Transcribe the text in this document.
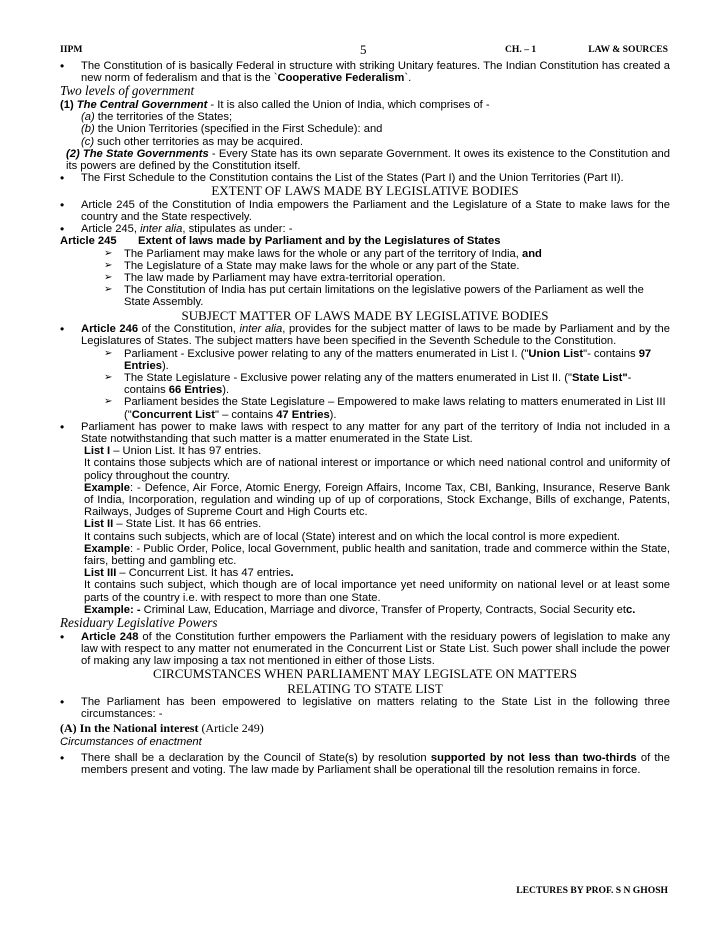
IIPM	5	CH. – 1	LAW & SOURCES

• The Constitution of is basically Federal in structure with striking Unitary features. The Indian Constitution has created a new norm of federalism and that is the `Cooperative Federalism`.

Two levels of government

(1) The Central Government - It is also called the Union of India, which comprises of -

(a) the territories of the States;

(b) the Union Territories (specified in the First Schedule): and

(c) such other territories as may be acquired.

(2) The State Governments - Every State has its own separate Government. It owes its existence to the Constitution and its powers are defined by the Constitution itself.

• The First Schedule to the Constitution contains the List of the States (Part I) and the Union Territories (Part II).

EXTENT OF LAWS MADE BY LEGISLATIVE BODIES

• Article 245 of the Constitution of India empowers the Parliament and the Legislature of a State to make laws for the country and the State respectively.

• Article 245, inter alia, stipulates as under: -

Article 245 Extent of laws made by Parliament and by the Legislatures of States

➢ The Parliament may make laws for the whole or any part of the territory of India, and

➢ The Legislature of a State may make laws for the whole or any part of the State.

➢ The law made by Parliament may have extra-territorial operation.

➢ The Constitution of India has put certain limitations on the legislative powers of the Parliament as well the State Assembly.

SUBJECT MATTER OF LAWS MADE BY LEGISLATIVE BODIES

• Article 246 of the Constitution, inter alia, provides for the subject matter of laws to be made by Parliament and by the Legislatures of States. The subject matters have been specified in the Seventh Schedule to the Constitution.

➢ Parliament - Exclusive power relating to any of the matters enumerated in List I. ("Union List"- contains 97 Entries).

➢ The State Legislature - Exclusive power relating any of the matters enumerated in List II. ("State List"- contains 66 Entries).

➢ Parliament besides the State Legislature – Empowered to make laws relating to matters enumerated in List III ("Concurrent List" – contains 47 Entries).

• Parliament has power to make laws with respect to any matter for any part of the territory of India not included in a State notwithstanding that such matter is a matter enumerated in the State List.

List I – Union List. It has 97 entries.

It contains those subjects which are of national interest or importance or which need national control and uniformity of policy throughout the country.

Example: - Defence, Air Force, Atomic Energy, Foreign Affairs, Income Tax, CBI, Banking, Insurance, Reserve Bank of India, Incorporation, regulation and winding up of up of corporations, Stock Exchange, Bills of exchange, Patents, Railways, Judges of Supreme Court and High Courts etc.

List II – State List. It has 66 entries.

It contains such subjects, which are of local (State) interest and on which the local control is more expedient.

Example: - Public Order, Police, local Government, public health and sanitation, trade and commerce within the State, fairs, betting and gambling etc.

List III – Concurrent List. It has 47 entries.

It contains such subject, which though are of local importance yet need uniformity on national level or at least some parts of the country i.e. with respect to more than one State.

Example: - Criminal Law, Education, Marriage and divorce, Transfer of Property, Contracts, Social Security etc.

Residuary Legislative Powers

• Article 248 of the Constitution further empowers the Parliament with the residuary powers of legislation to make any law with respect to any matter not enumerated in the Concurrent List or State List. Such power shall include the power of making any law imposing a tax not mentioned in either of those Lists.

CIRCUMSTANCES WHEN PARLIAMENT MAY LEGISLATE ON MATTERS

RELATING TO STATE LIST

• The Parliament has been empowered to legislative on matters relating to the State List in the following three circumstances: -

(A) In the National interest (Article 249)

Circumstances of enactment

• There shall be a declaration by the Council of State(s) by resolution supported by not less than two-thirds of the members present and voting. The law made by Parliament shall be operational till the resolution remains in force.

LECTURES BY PROF. S N GHOSH
